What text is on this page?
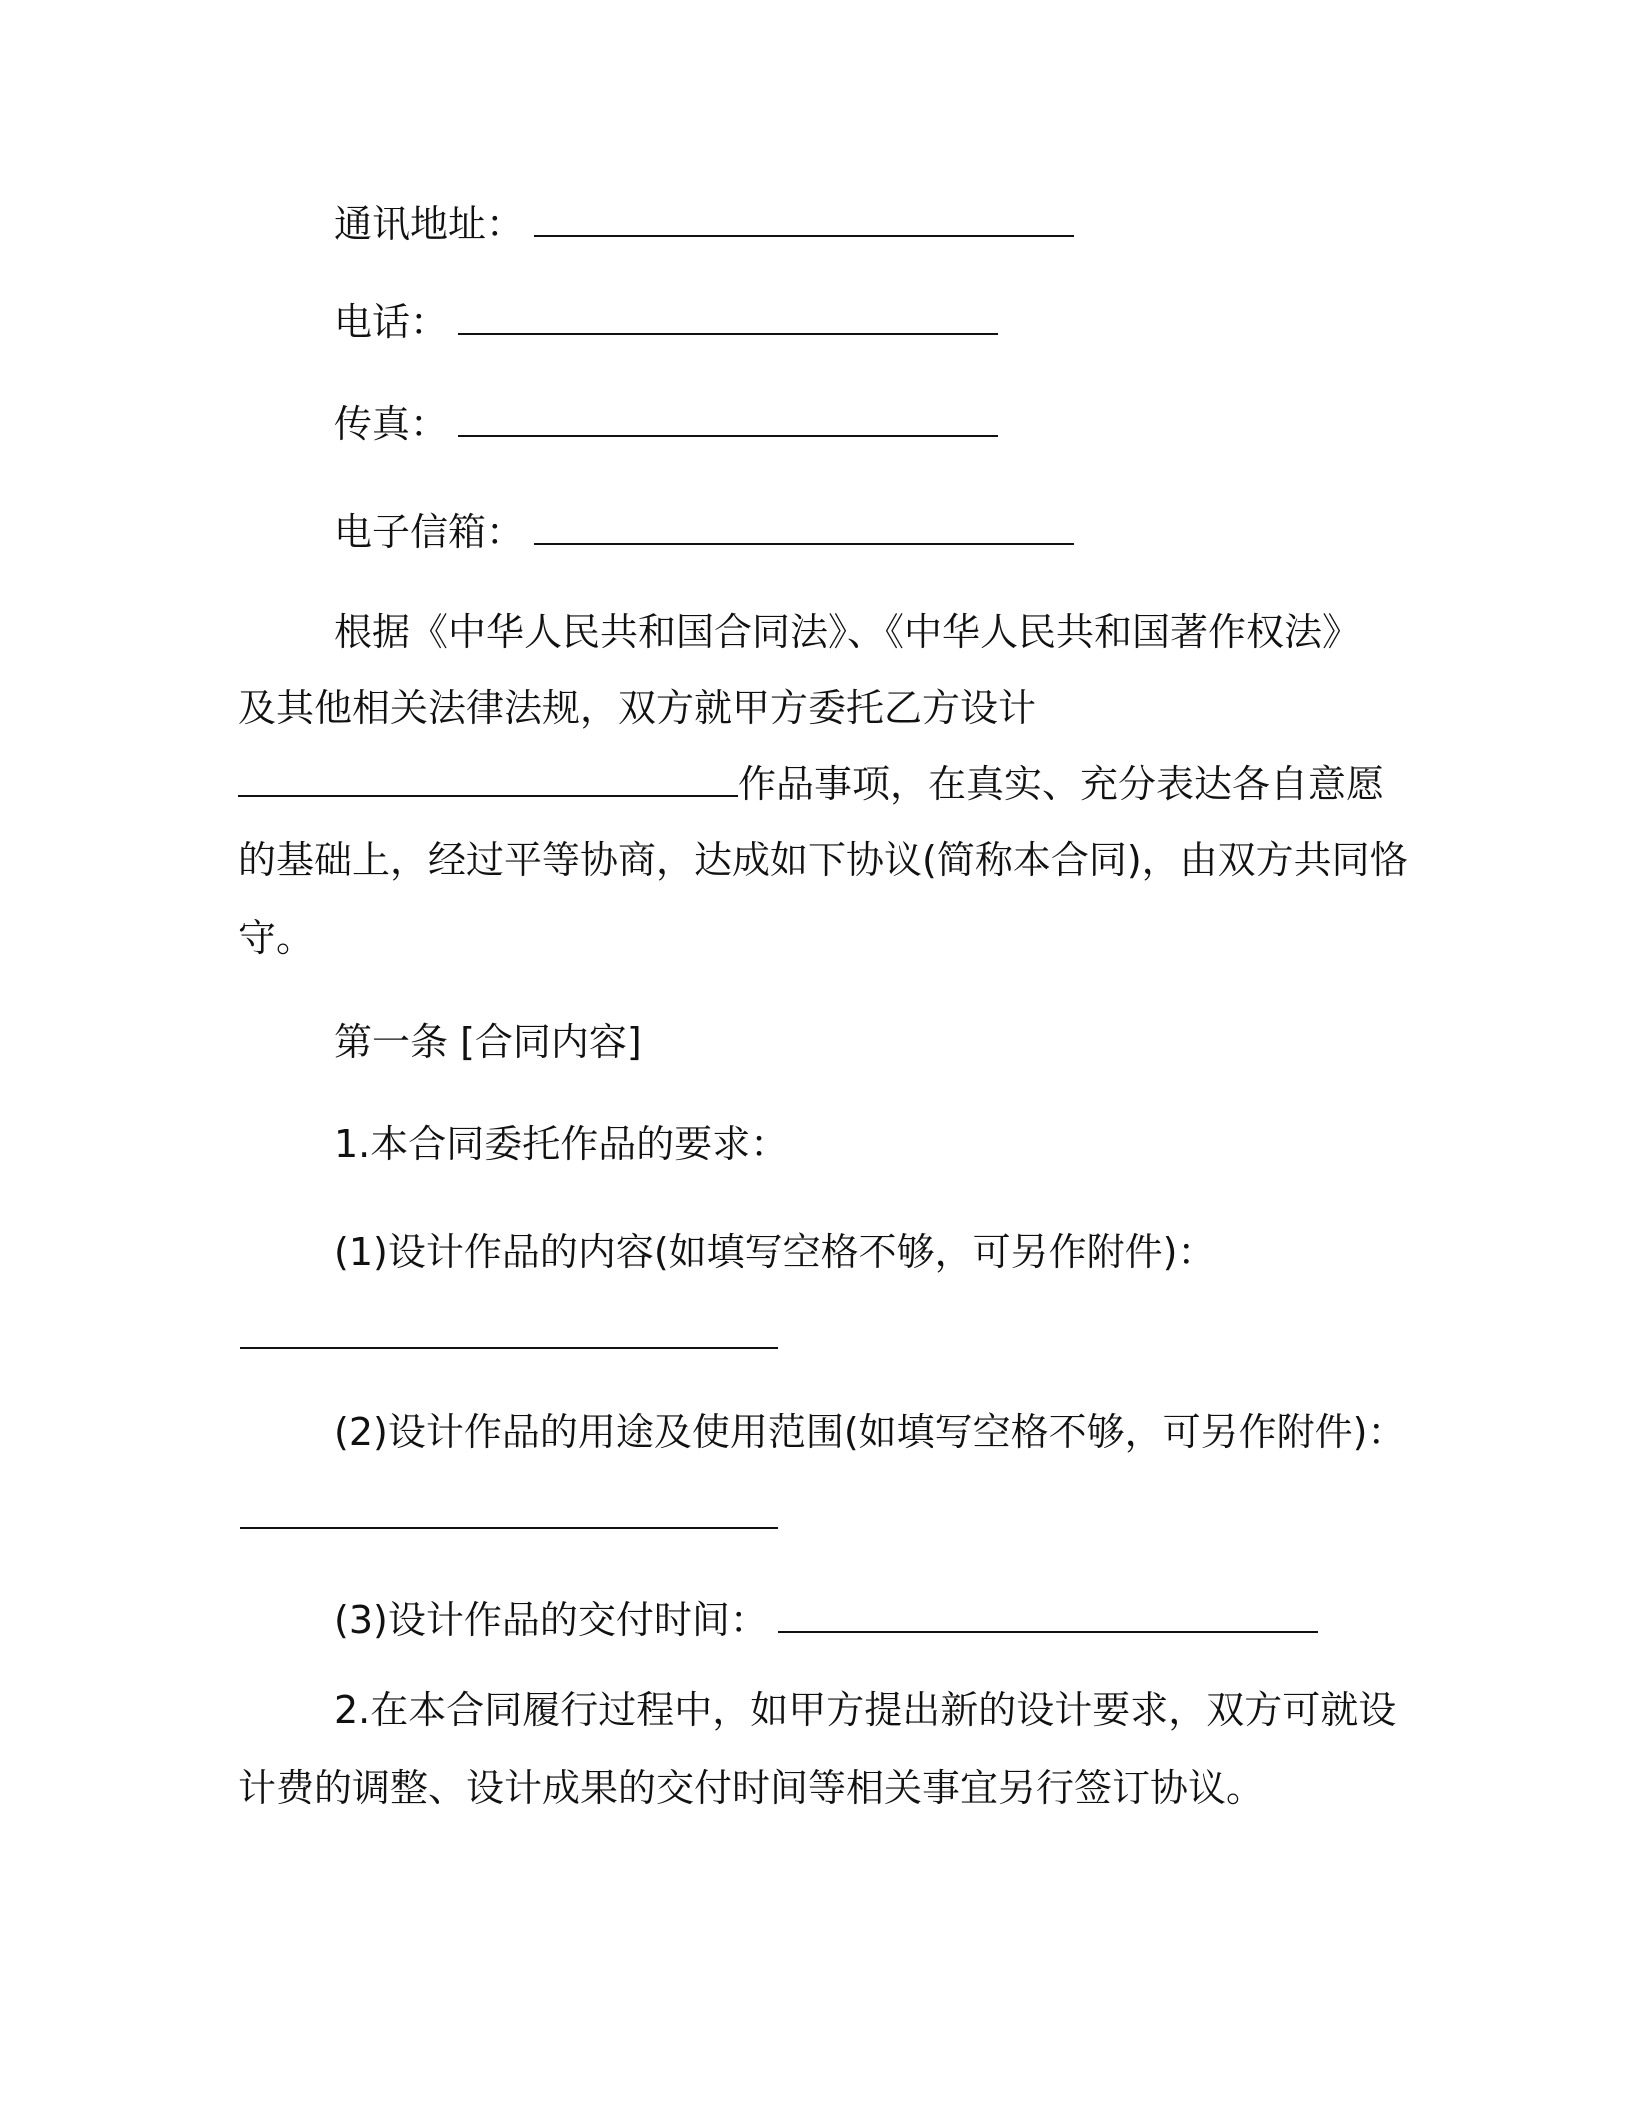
通讯地址：
电话：
传真：
电子信箱：
根据《中华人民共和国合同法》、《中华人民共和国著作权法》
及其他相关法律法规，双方就甲方委托乙方设计
作品事项，在真实、充分表达各自意愿
的基础上，经过平等协商，达成如下协议(简称本合同)，由双方共同恪
守。
第一条 [合同内容]
1.本合同委托作品的要求：
(1)设计作品的内容(如填写空格不够，可另作附件)：
(2)设计作品的用途及使用范围(如填写空格不够，可另作附件)：
(3)设计作品的交付时间：
2.在本合同履行过程中，如甲方提出新的设计要求，双方可就设
计费的调整、设计成果的交付时间等相关事宜另行签订协议。
